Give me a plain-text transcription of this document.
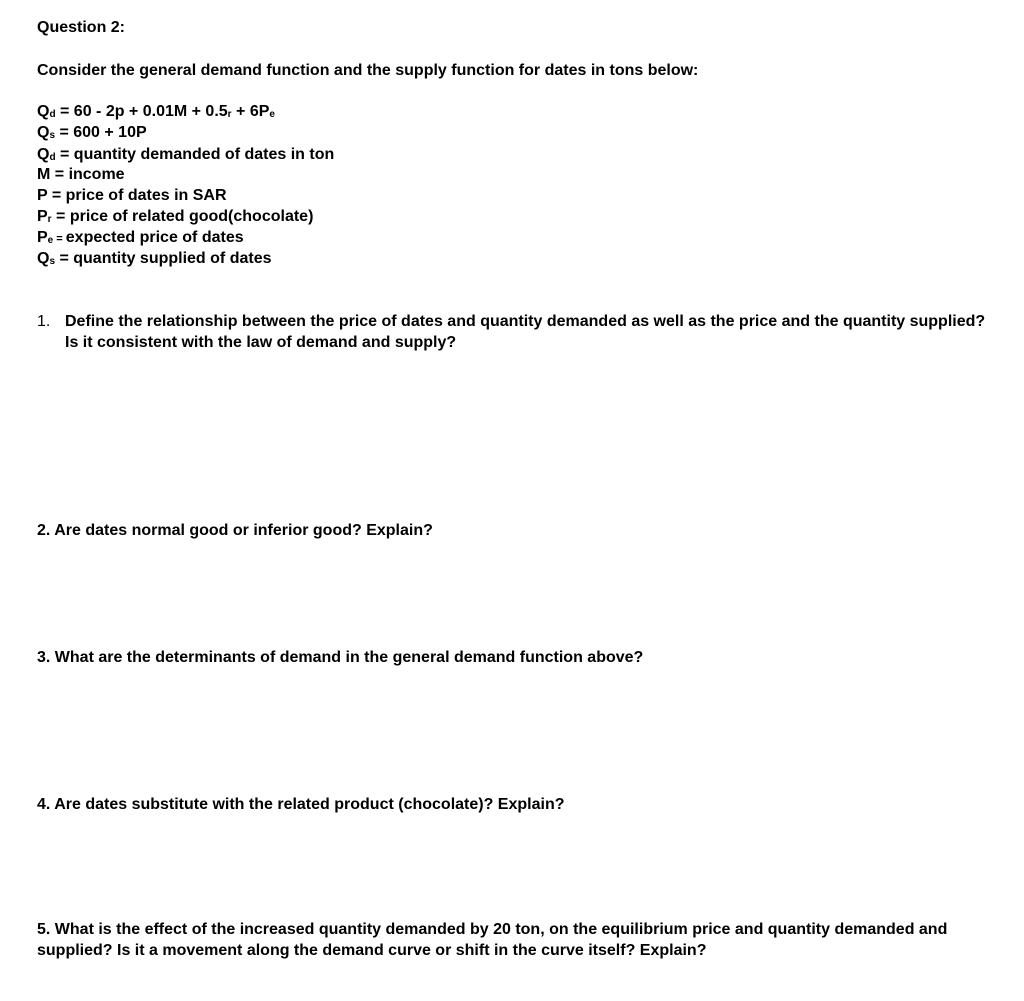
Question 2:
Consider the general demand function and the supply function for dates in tons below:
$Q_d = 60 - 2p + 0.01M + 0.5_r + 6P_e$
$Q_s = 600 + 10P$
$Q_d$ = quantity demanded of dates in ton
M = income
P = price of dates in SAR
$P_r$ = price of related good(chocolate)
$P_e$ = expected price of dates
$Q_s$ = quantity supplied of dates
1. Define the relationship between the price of dates and quantity demanded as well as the price and the quantity supplied? Is it consistent with the law of demand and supply?
2. Are dates normal good or inferior good? Explain?
3. What are the determinants of demand in the general demand function above?
4. Are dates substitute with the related product (chocolate)? Explain?
5. What is the effect of the increased quantity demanded by 20 ton, on the equilibrium price and quantity demanded and supplied? Is it a movement along the demand curve or shift in the curve itself? Explain?
